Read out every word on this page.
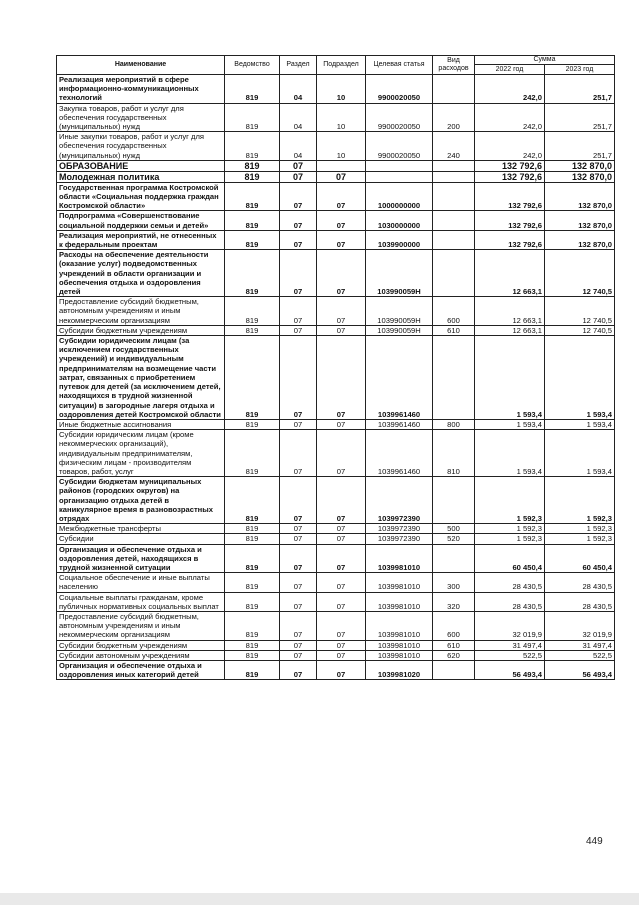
Наименование	Ведомство	Раздел	Подраздел	Целевая статья	Вид расходов	Сумма	
						2022 год	2023 год
Реализация мероприятий в сфере информационно-коммуникационных технологий	819	04	10	9900020050		242,0	251,7
Закупка товаров, работ и услуг для обеспечения государственных (муниципальных) нужд	819	04	10	9900020050	200	242,0	251,7
Иные закупки товаров, работ и услуг для обеспечения государственных (муниципальных) нужд	819	04	10	9900020050	240	242,0	251,7
ОБРАЗОВАНИЕ	819	07				132 792,6	132 870,0
Молодежная политика	819	07	07			132 792,6	132 870,0
Государственная программа Костромской области «Социальная поддержка граждан Костромской области»	819	07	07	1000000000		132 792,6	132 870,0
Подпрограмма «Совершенствование социальной поддержки семьи и детей»	819	07	07	1030000000		132 792,6	132 870,0
Реализация мероприятий, не отнесенных к федеральным проектам	819	07	07	1039900000		132 792,6	132 870,0
Расходы на обеспечение деятельности (оказание услуг) подведомственных учреждений в области организации и обеспечения отдыха и оздоровления детей	819	07	07	103990059Н		12 663,1	12 740,5
Предоставление субсидий бюджетным, автономным учреждениям и иным некоммерческим организациям	819	07	07	103990059Н	600	12 663,1	12 740,5
Субсидии бюджетным учреждениям	819	07	07	103990059Н	610	12 663,1	12 740,5
Субсидии юридическим лицам (за исключением государственных учреждений) и индивидуальным предпринимателям на возмещение части затрат, связанных с приобретением путевок для детей (за исключением детей, находящихся в трудной жизненной ситуации) в загородные лагеря отдыха и оздоровления детей Костромской области	819	07	07	1039961460		1 593,4	1 593,4
Иные бюджетные ассигнования	819	07	07	1039961460	800	1 593,4	1 593,4
Субсидии юридическим лицам (кроме некоммерческих организаций), индивидуальным предпринимателям, физическим лицам - производителям товаров, работ, услуг	819	07	07	1039961460	810	1 593,4	1 593,4
Субсидии бюджетам муниципальных районов (городских округов) на организацию отдыха детей в каникулярное время в разновозрастных отрядах	819	07	07	1039972390		1 592,3	1 592,3
Межбюджетные трансферты	819	07	07	1039972390	500	1 592,3	1 592,3
Субсидии	819	07	07	1039972390	520	1 592,3	1 592,3
Организация и обеспечение отдыха и оздоровления детей, находящихся в трудной жизненной ситуации	819	07	07	1039981010		60 450,4	60 450,4
Социальное обеспечение и иные выплаты населению	819	07	07	1039981010	300	28 430,5	28 430,5
Социальные выплаты гражданам, кроме публичных нормативных социальных выплат	819	07	07	1039981010	320	28 430,5	28 430,5
Предоставление субсидий бюджетным, автономным учреждениям и иным некоммерческим организациям	819	07	07	1039981010	600	32 019,9	32 019,9
Субсидии бюджетным учреждениям	819	07	07	1039981010	610	31 497,4	31 497,4
Субсидии автономным учреждениям	819	07	07	1039981010	620	522,5	522,5
Организация и обеспечение отдыха и оздоровления иных категорий детей	819	07	07	1039981020		56 493,4	56 493,4
449
